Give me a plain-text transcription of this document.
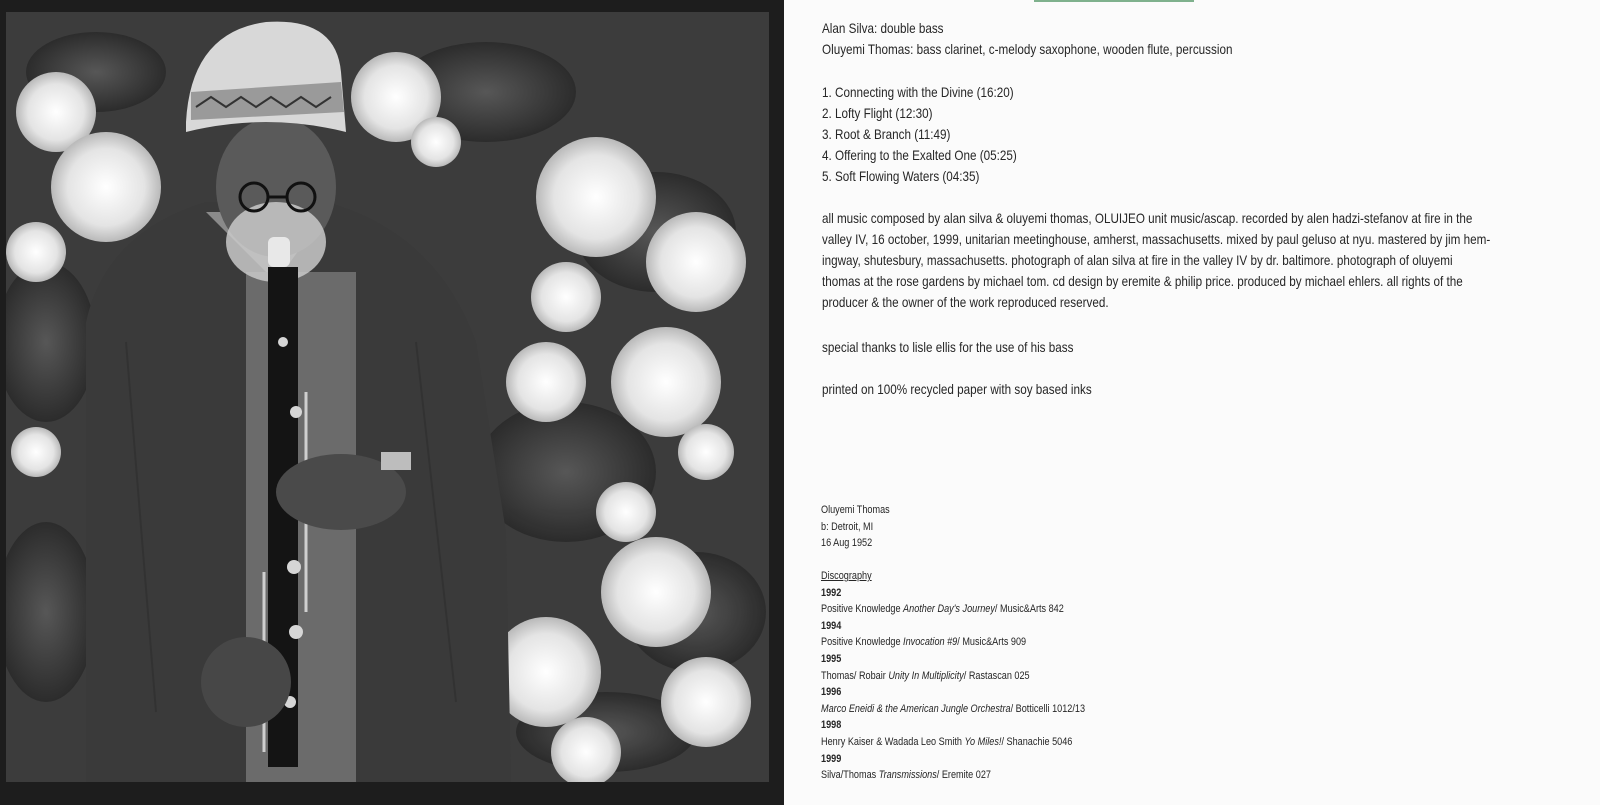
Alan Silva: double bass
Oluyemi Thomas: bass clarinet, c-melody saxophone, wooden flute, percussion
1. Connecting with the Divine (16:20)
2. Lofty Flight (12:30)
3. Root & Branch (11:49)
4. Offering to the Exalted One (05:25)
5. Soft Flowing Waters (04:35)
all music composed by alan silva & oluyemi thomas, OLUIJEO unit music/ascap. recorded by alen hadzi-stefanov at fire in the
valley IV, 16 october, 1999, unitarian meetinghouse, amherst, massachusetts. mixed by paul geluso at nyu. mastered by jim hem-
ingway, shutesbury, massachusetts. photograph of alan silva at fire in the valley IV by dr. baltimore. photograph of oluyemi
thomas at the rose gardens by michael tom. cd design by eremite & philip price. produced by michael ehlers. all rights of the
producer & the owner of the work reproduced reserved.
special thanks to lisle ellis for the use of his bass
printed on 100% recycled paper with soy based inks
Oluyemi Thomas
b: Detroit, MI
16 Aug 1952
Discography
1992
Positive Knowledge Another Day's Journey/ Music&Arts 842
1994
Positive Knowledge Invocation #9/ Music&Arts 909
1995
Thomas/ Robair Unity In Multiplicity/ Rastascan 025
1996
Marco Eneidi & the American Jungle Orchestra/ Botticelli 1012/13
1998
Henry Kaiser & Wadada Leo Smith Yo Miles!/ Shanachie 5046
1999
Silva/Thomas Transmissions/ Eremite 027
